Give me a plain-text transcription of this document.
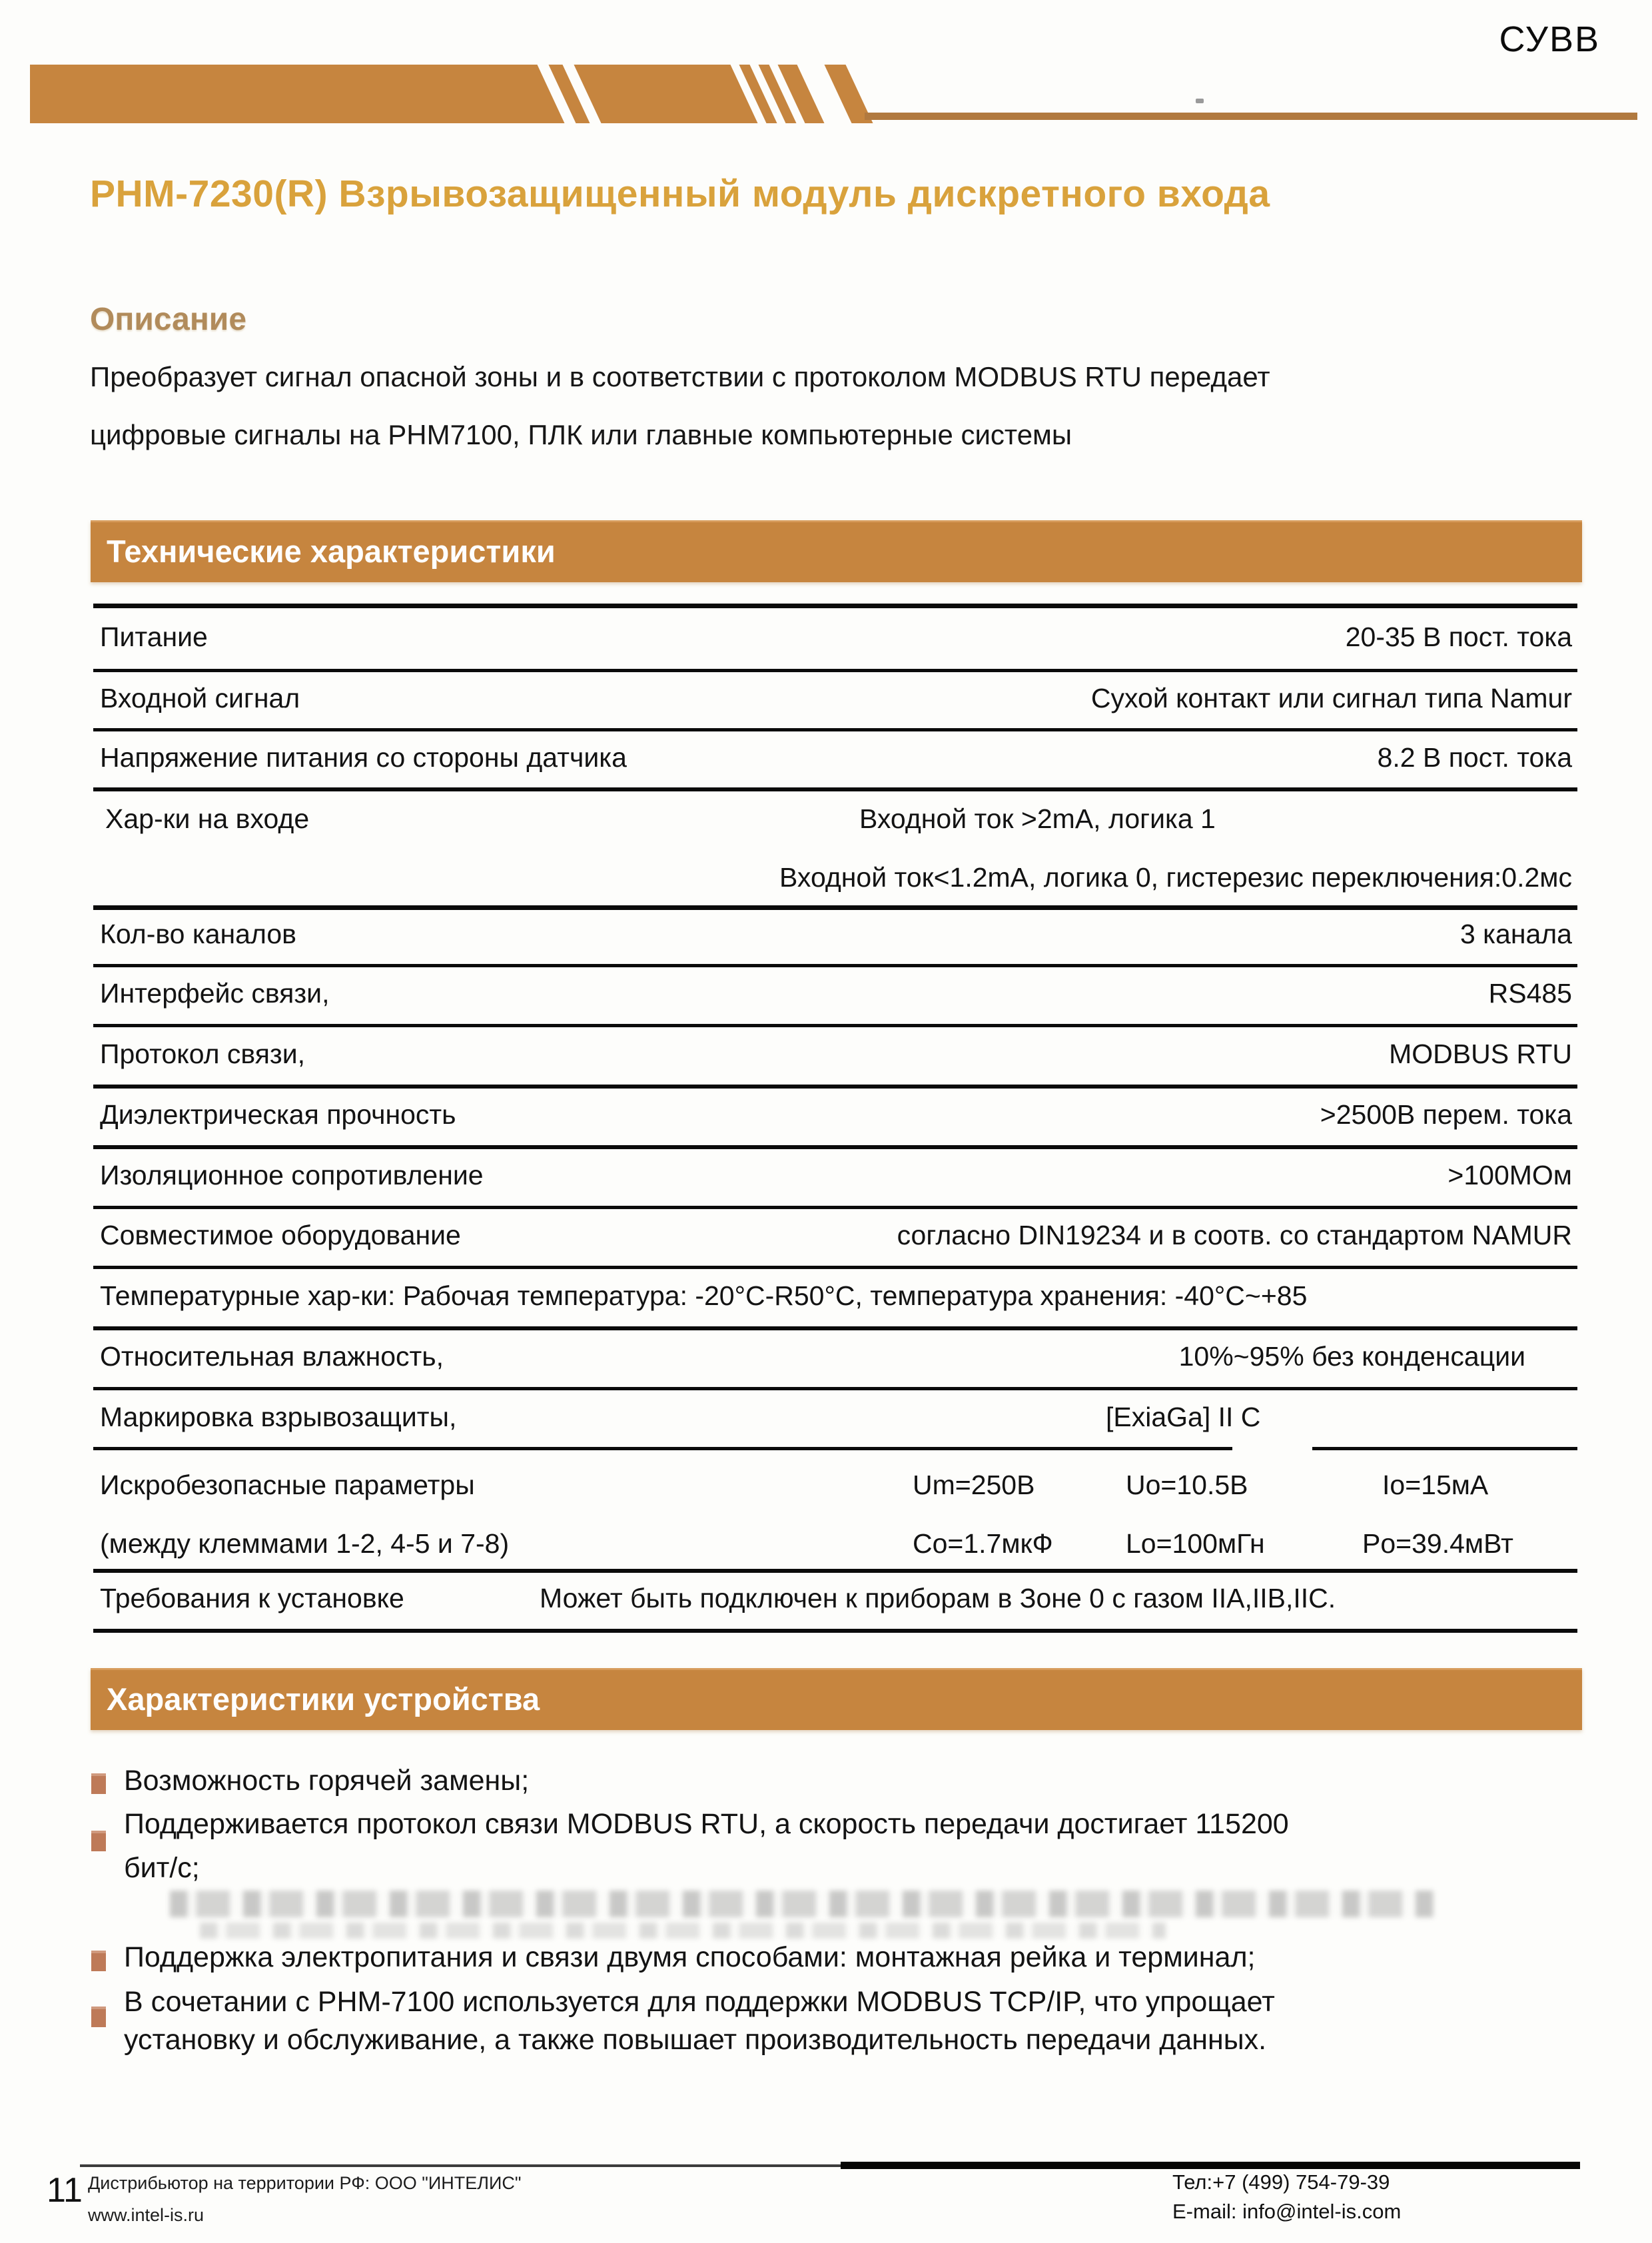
СУВВ
PHM-7230(R) Взрывозащищенный модуль дискретного входа
Описание
Преобразует сигнал опасной зоны и в соответствии с протоколом MODBUS RTU передает
цифровые сигналы на PHM7100, ПЛК или главные компьютерные системы
Технические характеристики
Питание	20-35 В пост. тока
Входной сигнал	Сухой контакт или сигнал типа Namur
Напряжение питания со стороны датчика	8.2 В пост. тока
Хар-ки на входе	Входной ток >2mA, логика 1
Входной ток<1.2mA, логика 0, гистерезис переключения:0.2мс
Кол-во каналов	3 канала
Интерфейс связи,	RS485
Протокол связи,	MODBUS RTU
Диэлектрическая прочность	>2500В перем. тока
Изоляционное сопротивление	>100МОм
Совместимое оборудование	согласно DIN19234 и в соотв. со стандартом NAMUR
Температурные хар-ки: Рабочая температура: -20°C-R50°C, температура хранения: -40°C~+85
Относительная влажность,	10%~95% без конденсации
Маркировка взрывозащиты,	[ExiaGa] II C
Искробезопасные параметры	Um=250В	Uo=10.5В	Io=15мА
(между клеммами 1-2, 4-5 и 7-8)	Co=1.7мкФ	Lo=100мГн	Po=39.4мВт
Требования к установке	Может быть подключен к приборам в Зоне 0 с газом IIA,IIB,IIC.
Характеристики устройства
Возможность горячей замены;
Поддерживается протокол связи MODBUS RTU, а скорость передачи достигает 115200
бит/с;
Поддержка электропитания и связи двумя способами: монтажная рейка и терминал;
В сочетании с PHM-7100 используется для поддержки MODBUS TCP/IP, что упрощает
установку и обслуживание, а также повышает производительность передачи данных.
11 Дистрибьютор на территории РФ: ООО "ИНТЕЛИС"
www.intel-is.ru
Тел:+7 (499) 754-79-39
E-mail: info@intel-is.com
